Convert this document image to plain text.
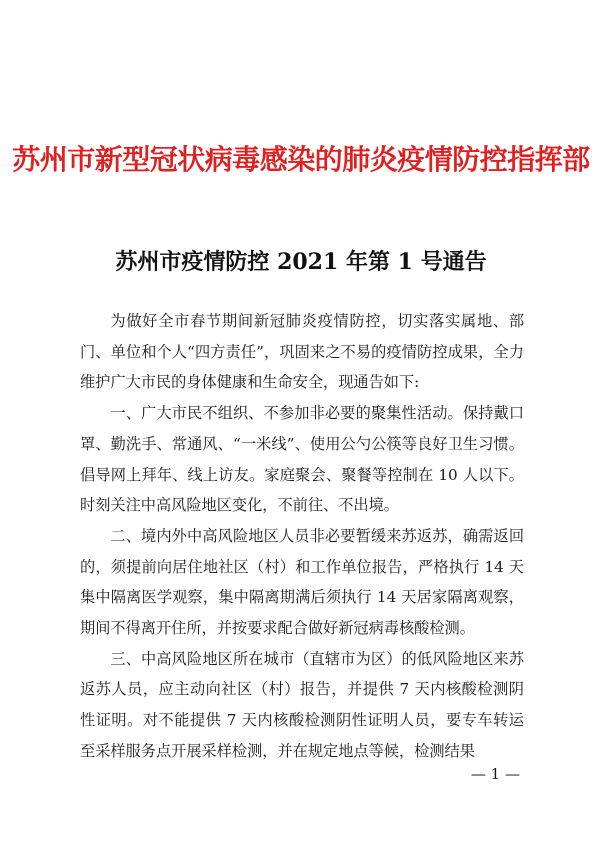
苏州市新型冠状病毒感染的肺炎疫情防控指挥部
苏州市疫情防控 2021 年第 1 号通告

为做好全市春节期间新冠肺炎疫情防控，切实落实属地、部门、单位和个人“四方责任”，巩固来之不易的疫情防控成果，全力维护广大市民的身体健康和生命安全，现通告如下:

一、广大市民不组织、不参加非必要的聚集性活动。保持戴口罩、勤洗手、常通风、“一米线”、使用公勺公筷等良好卫生习惯。倡导网上拜年、线上访友。家庭聚会、聚餐等控制在 10 人以下。时刻关注中高风险地区变化，不前往、不出境。

二、境内外中高风险地区人员非必要暂缓来苏返苏，确需返回的，须提前向居住地社区（村）和工作单位报告，严格执行 14 天集中隔离医学观察，集中隔离期满后须执行 14 天居家隔离观察，期间不得离开住所，并按要求配合做好新冠病毒核酸检测。

三、中高风险地区所在城市（直辖市为区）的低风险地区来苏返苏人员，应主动向社区（村）报告，并提供 7 天内核酸检测阴性证明。对不能提供 7 天内核酸检测阴性证明人员，要专车转运至采样服务点开展采样检测，并在规定地点等候，检测结果

— 1 —
